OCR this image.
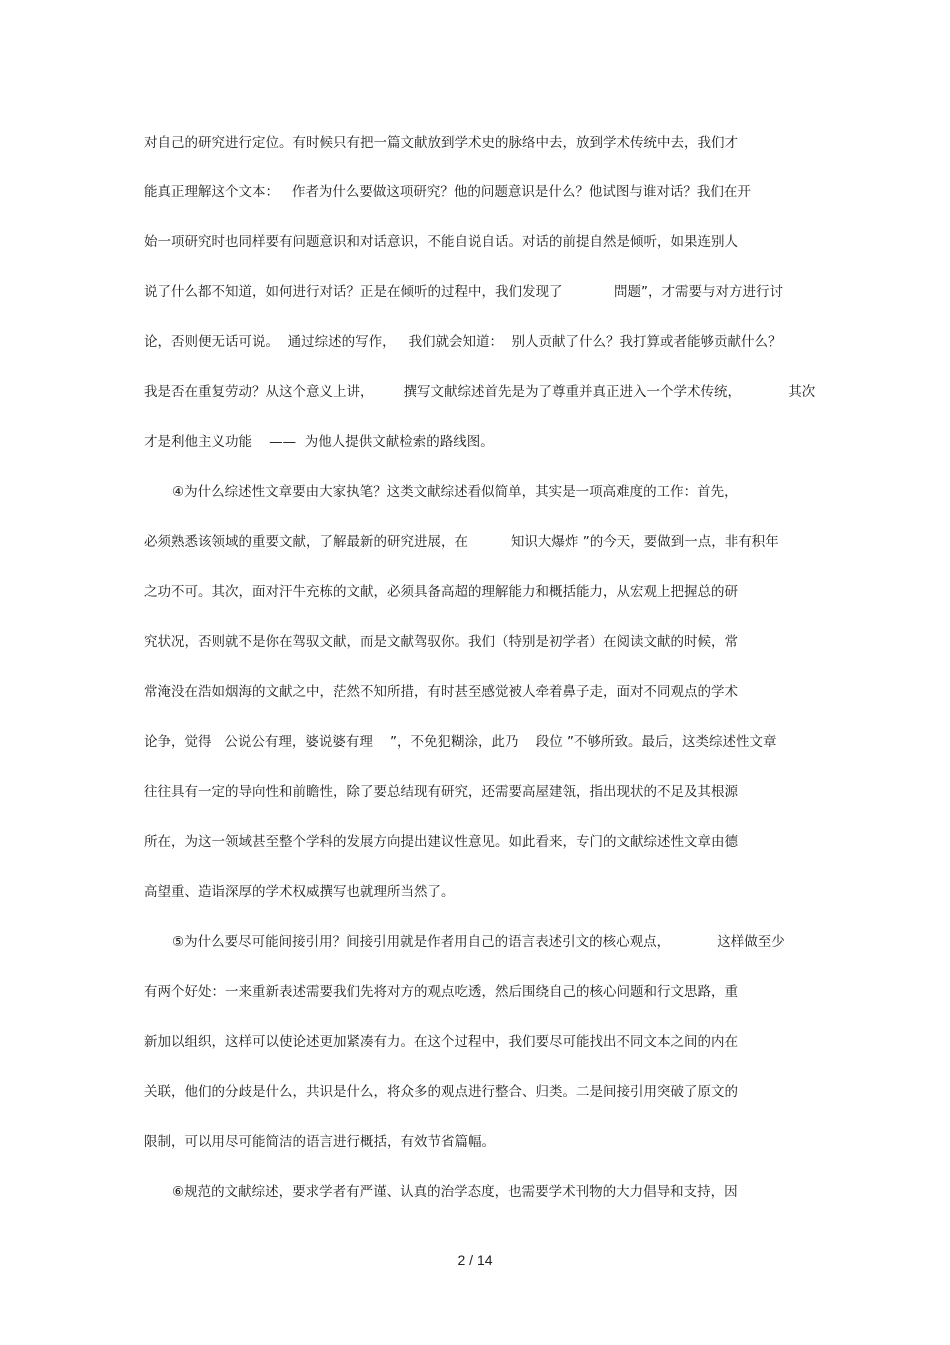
对自己的研究进行定位。有时候只有把一篇文献放到学术史的脉络中去，放到学术传统中去，我们才
能真正理解这个文本：   作者为什么要做这项研究？他的问题意识是什么？他试图与谁对话？我们在开
始一项研究时也同样要有问题意识和对话意识，不能自说自话。对话的前提自然是倾听，如果连别人
说了什么都不知道，如何进行对话？正是在倾听的过程中，我们发现了            問题”，才需要与对方进行讨
论，否则便无话可说。  通过综述的写作，   我们就会知道：  别人贡献了什么？我打算或者能够贡献什么？
我是否在重复劳动？从这个意义上讲，       撰写文献综述首先是为了尊重并真正进入一个学术传统，           其次
才是利他主义功能    ——  为他人提供文献检索的路线图。
④为什么综述性文章要由大家执笔？这类文献综述看似简单，其实是一项高难度的工作：首先，
必须熟悉该领域的重要文献，了解最新的研究进展，在          知识大爆炸 ”的今天，要做到一点，非有积年
之功不可。其次，面对汗牛充栋的文献，必须具备高超的理解能力和概括能力，从宏观上把握总的研
究状况，否则就不是你在驾驭文献，而是文献驾驭你。我们（特别是初学者）在阅读文献的时候，常
常淹没在浩如烟海的文献之中，茫然不知所措，有时甚至感觉被人牵着鼻子走，面对不同观点的学术
论争，觉得   公说公有理，婆说婆有理    ”，不免犯糊涂，此乃    段位 ”不够所致。最后，这类综述性文章
往往具有一定的导向性和前瞻性，除了要总结现有研究，还需要高屋建瓴，指出现状的不足及其根源
所在，为这一领域甚至整个学科的发展方向提出建议性意见。如此看来，专门的文献综述性文章由德
高望重、造诣深厚的学术权威撰写也就理所当然了。
⑤为什么要尽可能间接引用？间接引用就是作者用自己的语言表述引文的核心观点，           这样做至少
有两个好处：一来重新表述需要我们先将对方的观点吃透，然后围绕自己的核心问题和行文思路，重
新加以组织，这样可以使论述更加紧凑有力。在这个过程中，我们要尽可能找出不同文本之间的内在
关联，他们的分歧是什么，共识是什么，将众多的观点进行整合、归类。二是间接引用突破了原文的
限制，可以用尽可能简洁的语言进行概括，有效节省篇幅。
⑥规范的文献综述，要求学者有严谨、认真的治学态度，也需要学术刊物的大力倡导和支持，因
2 / 14
